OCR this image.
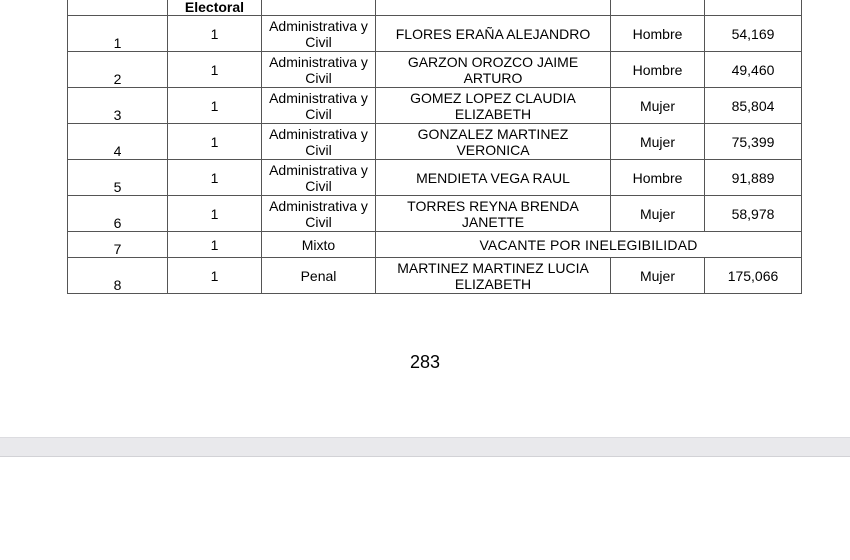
	Electoral				
1	1	Administrativa y Civil	FLORES ERAÑA ALEJANDRO	Hombre	54,169
2	1	Administrativa y Civil	GARZON OROZCO JAIME ARTURO	Hombre	49,460
3	1	Administrativa y Civil	GOMEZ LOPEZ CLAUDIA ELIZABETH	Mujer	85,804
4	1	Administrativa y Civil	GONZALEZ MARTINEZ VERONICA	Mujer	75,399
5	1	Administrativa y Civil	MENDIETA VEGA RAUL	Hombre	91,889
6	1	Administrativa y Civil	TORRES REYNA BRENDA JANETTE	Mujer	58,978
7	1	Mixto	VACANTE POR INELEGIBILIDAD		
8	1	Penal	MARTINEZ MARTINEZ LUCIA ELIZABETH	Mujer	175,066
283
